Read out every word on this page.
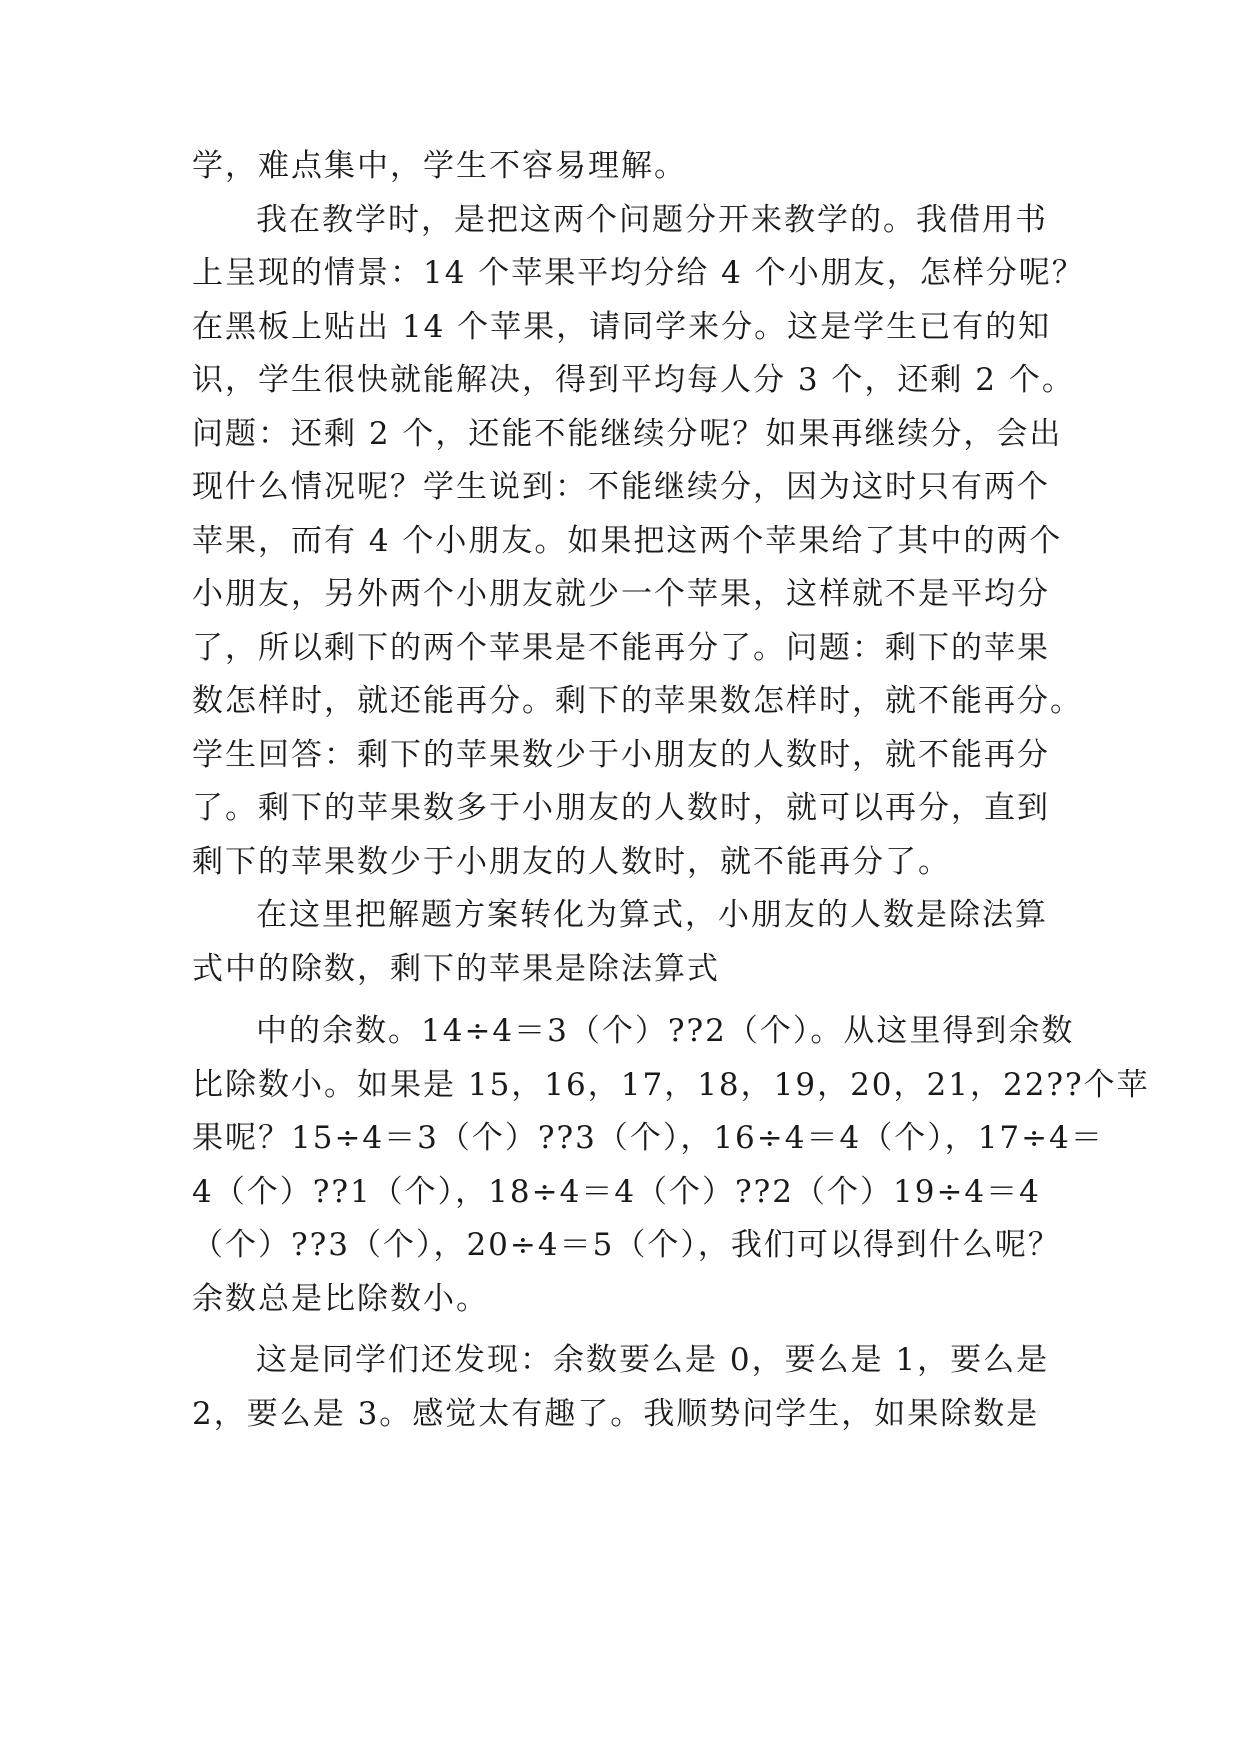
学，难点集中，学生不容易理解。
我在教学时，是把这两个问题分开来教学的。我借用书
上呈现的情景：14 个苹果平均分给 4 个小朋友，怎样分呢？
在黑板上贴出 14 个苹果，请同学来分。这是学生已有的知
识，学生很快就能解决，得到平均每人分 3 个，还剩 2 个。
问题：还剩 2 个，还能不能继续分呢？如果再继续分，会出
现什么情况呢？学生说到：不能继续分，因为这时只有两个
苹果，而有 4 个小朋友。如果把这两个苹果给了其中的两个
小朋友，另外两个小朋友就少一个苹果，这样就不是平均分
了，所以剩下的两个苹果是不能再分了。问题：剩下的苹果
数怎样时，就还能再分。剩下的苹果数怎样时，就不能再分。
学生回答：剩下的苹果数少于小朋友的人数时，就不能再分
了。剩下的苹果数多于小朋友的人数时，就可以再分，直到
剩下的苹果数少于小朋友的人数时，就不能再分了。
在这里把解题方案转化为算式，小朋友的人数是除法算
式中的除数，剩下的苹果是除法算式
中的余数。14÷4＝3（个）??2（个）。从这里得到余数
比除数小。如果是 15，16，17，18，19，20，21，22??个苹
果呢？15÷4＝3（个）??3（个），16÷4＝4（个），17÷4＝
4（个）??1（个），18÷4＝4（个）??2（个）19÷4＝4
（个）??3（个），20÷4＝5（个），我们可以得到什么呢？
余数总是比除数小。
这是同学们还发现：余数要么是 0，要么是 1，要么是
2，要么是 3。感觉太有趣了。我顺势问学生，如果除数是
